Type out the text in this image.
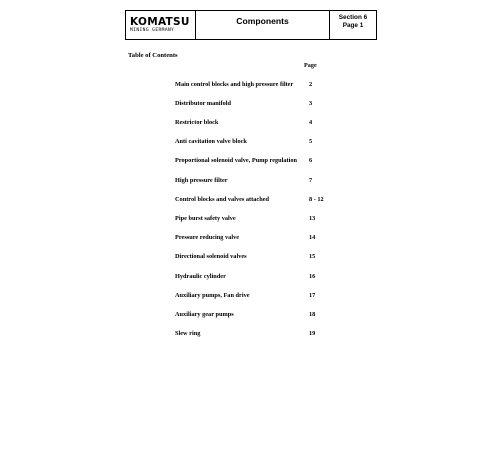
KOMATSU
MINING GERMANY
Components	Section 6
Page 1
Table of Contents
Page
Main control blocks and high pressure filter 2
Distributor manifold	3
Restrictor block	4
Anti cavitation valve block	5
Proportional solenoid valve, Pump regulation 6
High pressure filter	7
Control blocks and valves attached	8 - 12
Pipe burst safety valve	13
Pressure reducing valve	14
Directional solenoid valves	15
Hydraulic cylinder	16
Auxiliary pumps, Fan drive	17
Auxiliary gear pumps	18
Slew ring	19
